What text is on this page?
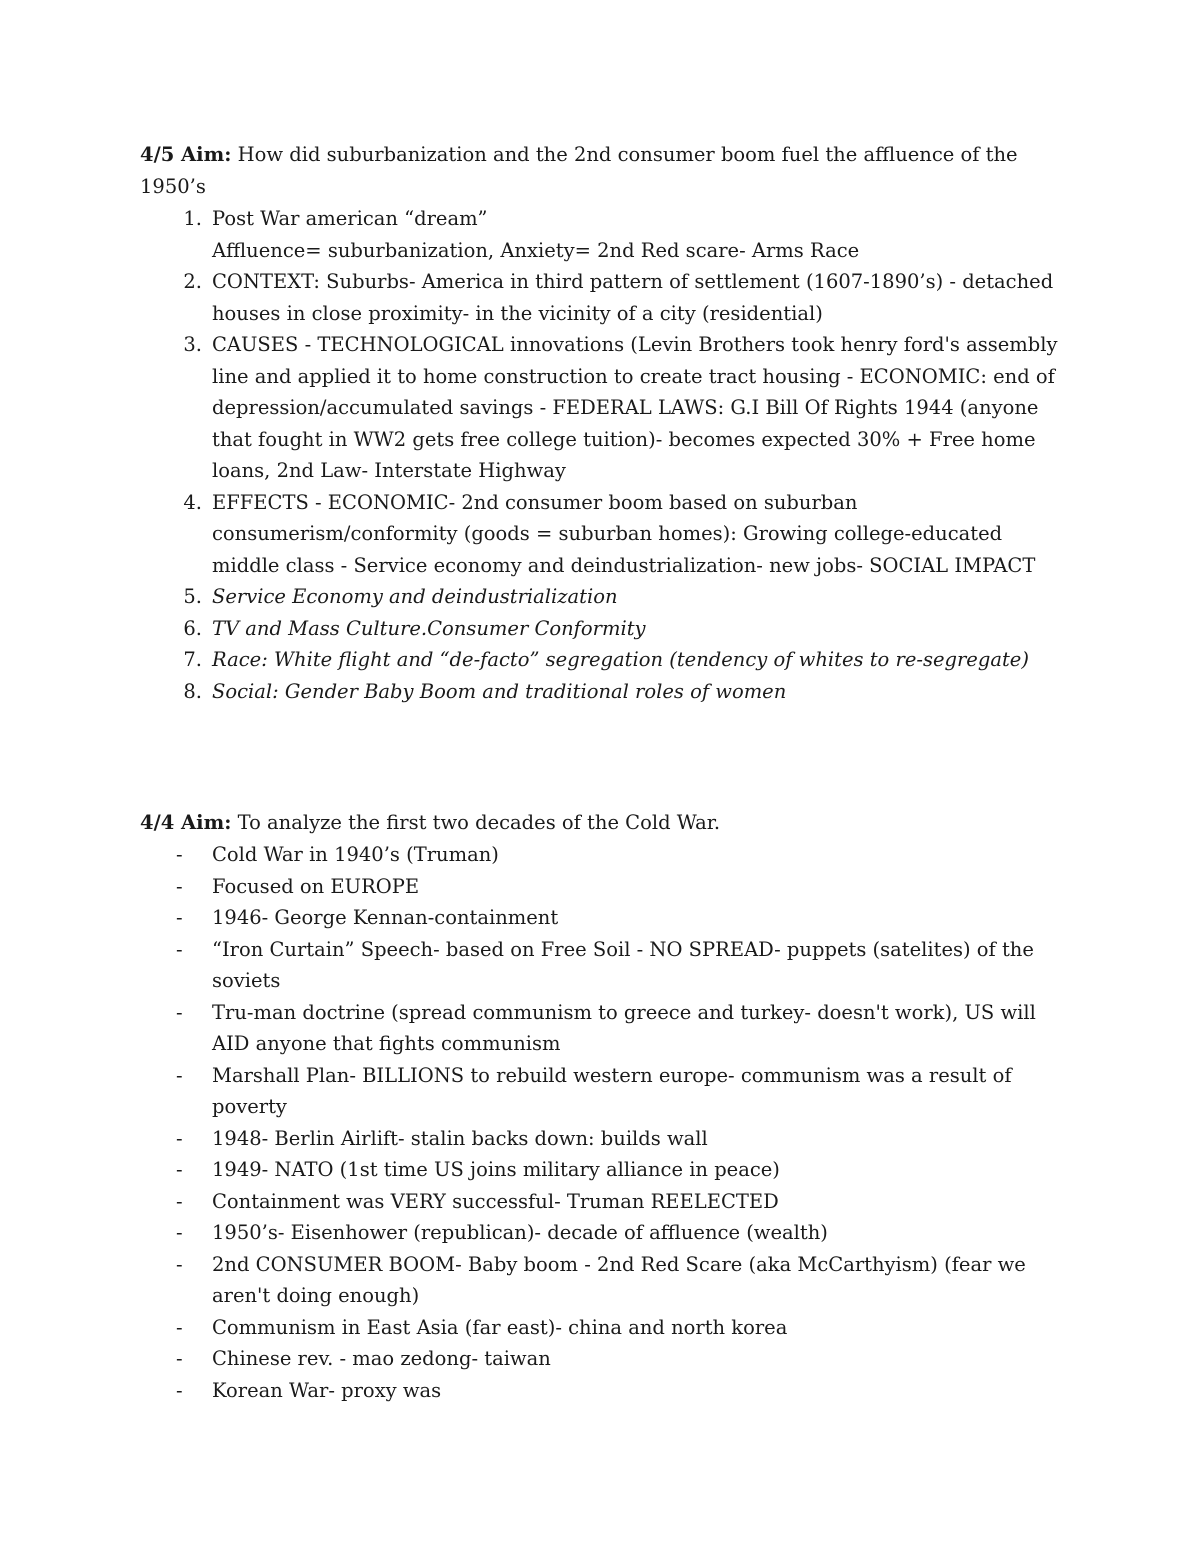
4/5 Aim: How did suburbanization and the 2nd consumer boom fuel the affluence of the 1950’s

1. Post War american “dream”
Affluence= suburbanization, Anxiety= 2nd Red scare- Arms Race
2. CONTEXT: Suburbs- America in third pattern of settlement (1607-1890’s) - detached houses in close proximity- in the vicinity of a city (residential)
3. CAUSES - TECHNOLOGICAL innovations (Levin Brothers took henry ford's assembly line and applied it to home construction to create tract housing - ECONOMIC: end of depression/accumulated savings - FEDERAL LAWS: G.I Bill Of Rights 1944 (anyone that fought in WW2 gets free college tuition)- becomes expected 30% + Free home loans, 2nd Law- Interstate Highway
4. EFFECTS - ECONOMIC- 2nd consumer boom based on suburban consumerism/conformity (goods = suburban homes): Growing college-educated middle class - Service economy and deindustrialization- new jobs- SOCIAL IMPACT
5. Service Economy and deindustrialization
6. TV and Mass Culture.Consumer Conformity
7. Race: White flight and “de-facto” segregation (tendency of whites to re-segregate)
8. Social: Gender Baby Boom and traditional roles of women

4/4 Aim: To analyze the first two decades of the Cold War.

- Cold War in 1940’s (Truman)
- Focused on EUROPE
- 1946- George Kennan-containment
- “Iron Curtain” Speech- based on Free Soil - NO SPREAD- puppets (satelites) of the soviets
- Tru-man doctrine (spread communism to greece and turkey- doesn't work), US will AID anyone that fights communism
- Marshall Plan- BILLIONS to rebuild western europe- communism was a result of poverty
- 1948- Berlin Airlift- stalin backs down: builds wall
- 1949- NATO (1st time US joins military alliance in peace)
- Containment was VERY successful- Truman REELECTED
- 1950’s- Eisenhower (republican)- decade of affluence (wealth)
- 2nd CONSUMER BOOM- Baby boom - 2nd Red Scare (aka McCarthyism) (fear we aren't doing enough)
- Communism in East Asia (far east)- china and north korea
- Chinese rev. - mao zedong- taiwan
- Korean War- proxy was
